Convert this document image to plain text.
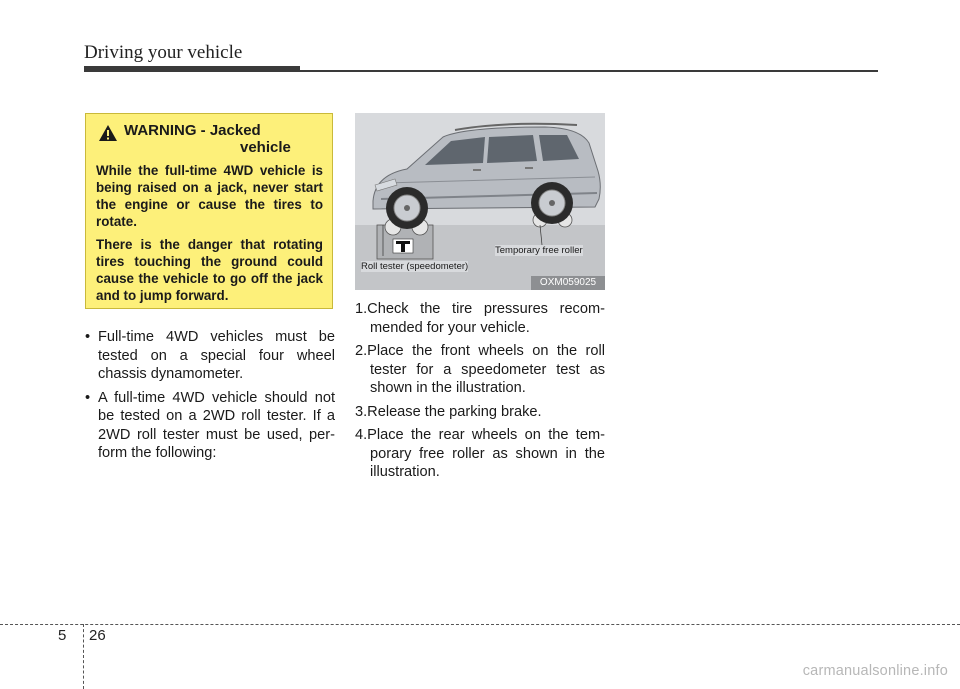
Driving your vehicle
WARNING - Jacked
vehicle

While the full-time 4WD vehicle is being raised on a jack, never start the engine or cause the tires to rotate.

There is the danger that rotating tires touching the ground could cause the vehicle to go off the jack and to jump forward.

• Full-time 4WD vehicles must be tested on a special four wheel chassis dynamometer.
• A full-time 4WD vehicle should not be tested on a 2WD roll tester. If a 2WD roll tester must be used, per-form the following:
Temporary free roller
Roll tester (speedometer)
OXM059025
1.Check the tire pressures recom-mended for your vehicle.
2.Place the front wheels on the roll tester for a speedometer test as shown in the illustration.
3.Release the parking brake.
4.Place the rear wheels on the tem-porary free roller as shown in the illustration.
5 26
carmanualsonline.info
